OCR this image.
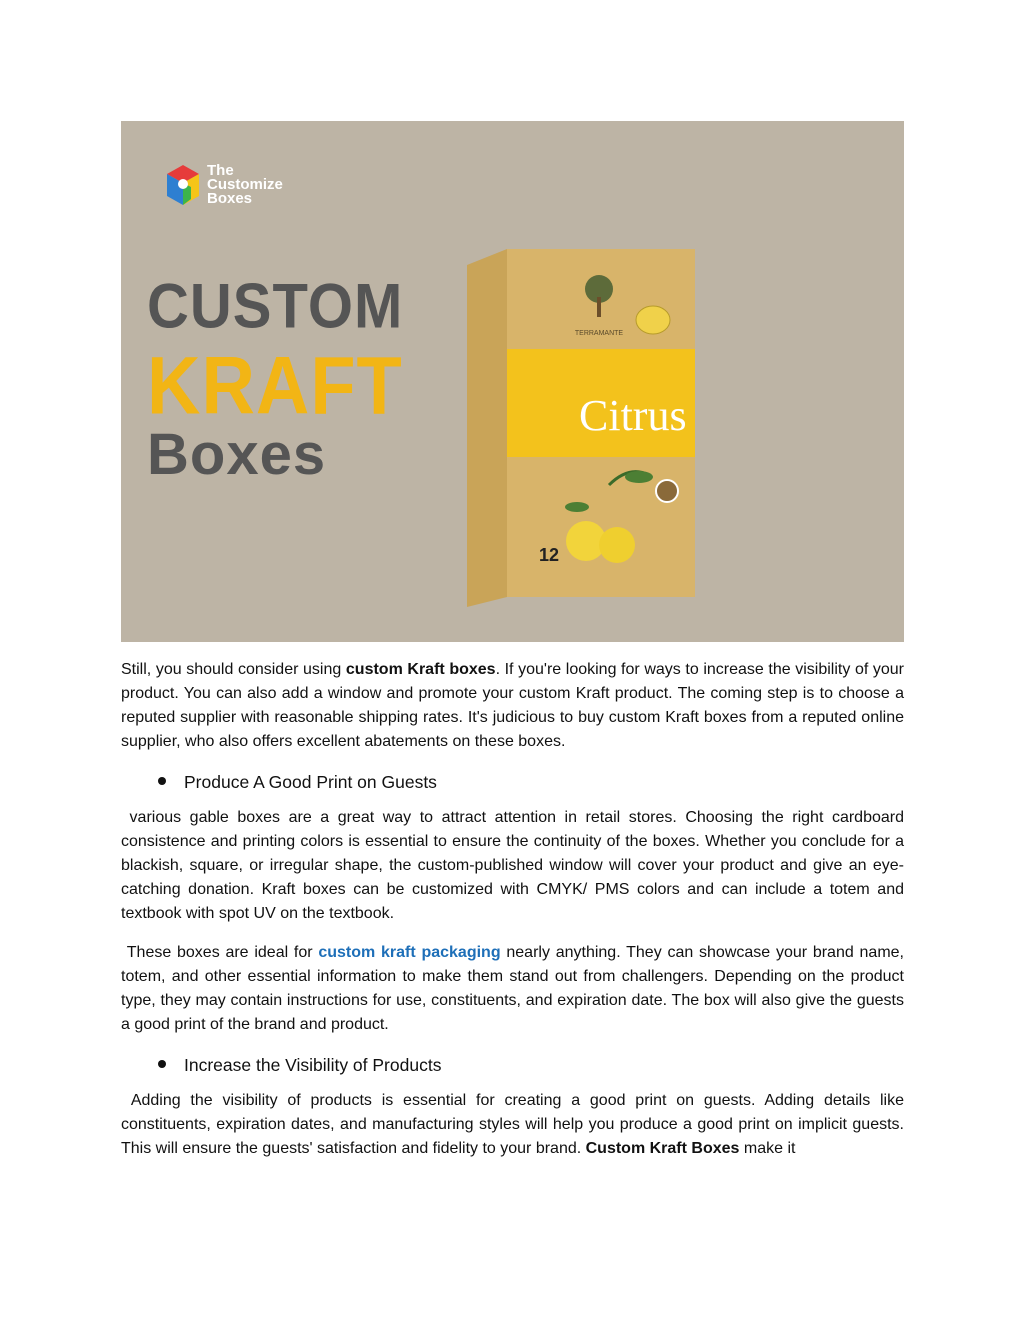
The
Customize
Boxes
CUSTOM
KRAFT
Boxes
TERRAMANTE
Citrus
12
Still, you should consider using custom Kraft boxes. If you're looking for ways to increase the visibility of your product. You can also add a window and promote your custom Kraft product. The coming step is to choose a reputed supplier with reasonable shipping rates. It's judicious to buy custom Kraft boxes from a reputed online supplier, who also offers excellent abatements on these boxes.
Produce A Good Print on Guests
various gable boxes are a great way to attract attention in retail stores. Choosing the right cardboard consistence and printing colors is essential to ensure the continuity of the boxes. Whether you conclude for a blackish, square, or irregular shape, the custom-published window will cover your product and give an eye-catching donation. Kraft boxes can be customized with CMYK/ PMS colors and can include a totem and textbook with spot UV on the textbook.
These boxes are ideal for custom kraft packaging nearly anything. They can showcase your brand name, totem, and other essential information to make them stand out from challengers. Depending on the product type, they may contain instructions for use, constituents, and expiration date. The box will also give the guests a good print of the brand and product.
Increase the Visibility of Products
Adding the visibility of products is essential for creating a good print on guests. Adding details like constituents, expiration dates, and manufacturing styles will help you produce a good print on implicit guests. This will ensure the guests' satisfaction and fidelity to your brand. Custom Kraft Boxes make it
